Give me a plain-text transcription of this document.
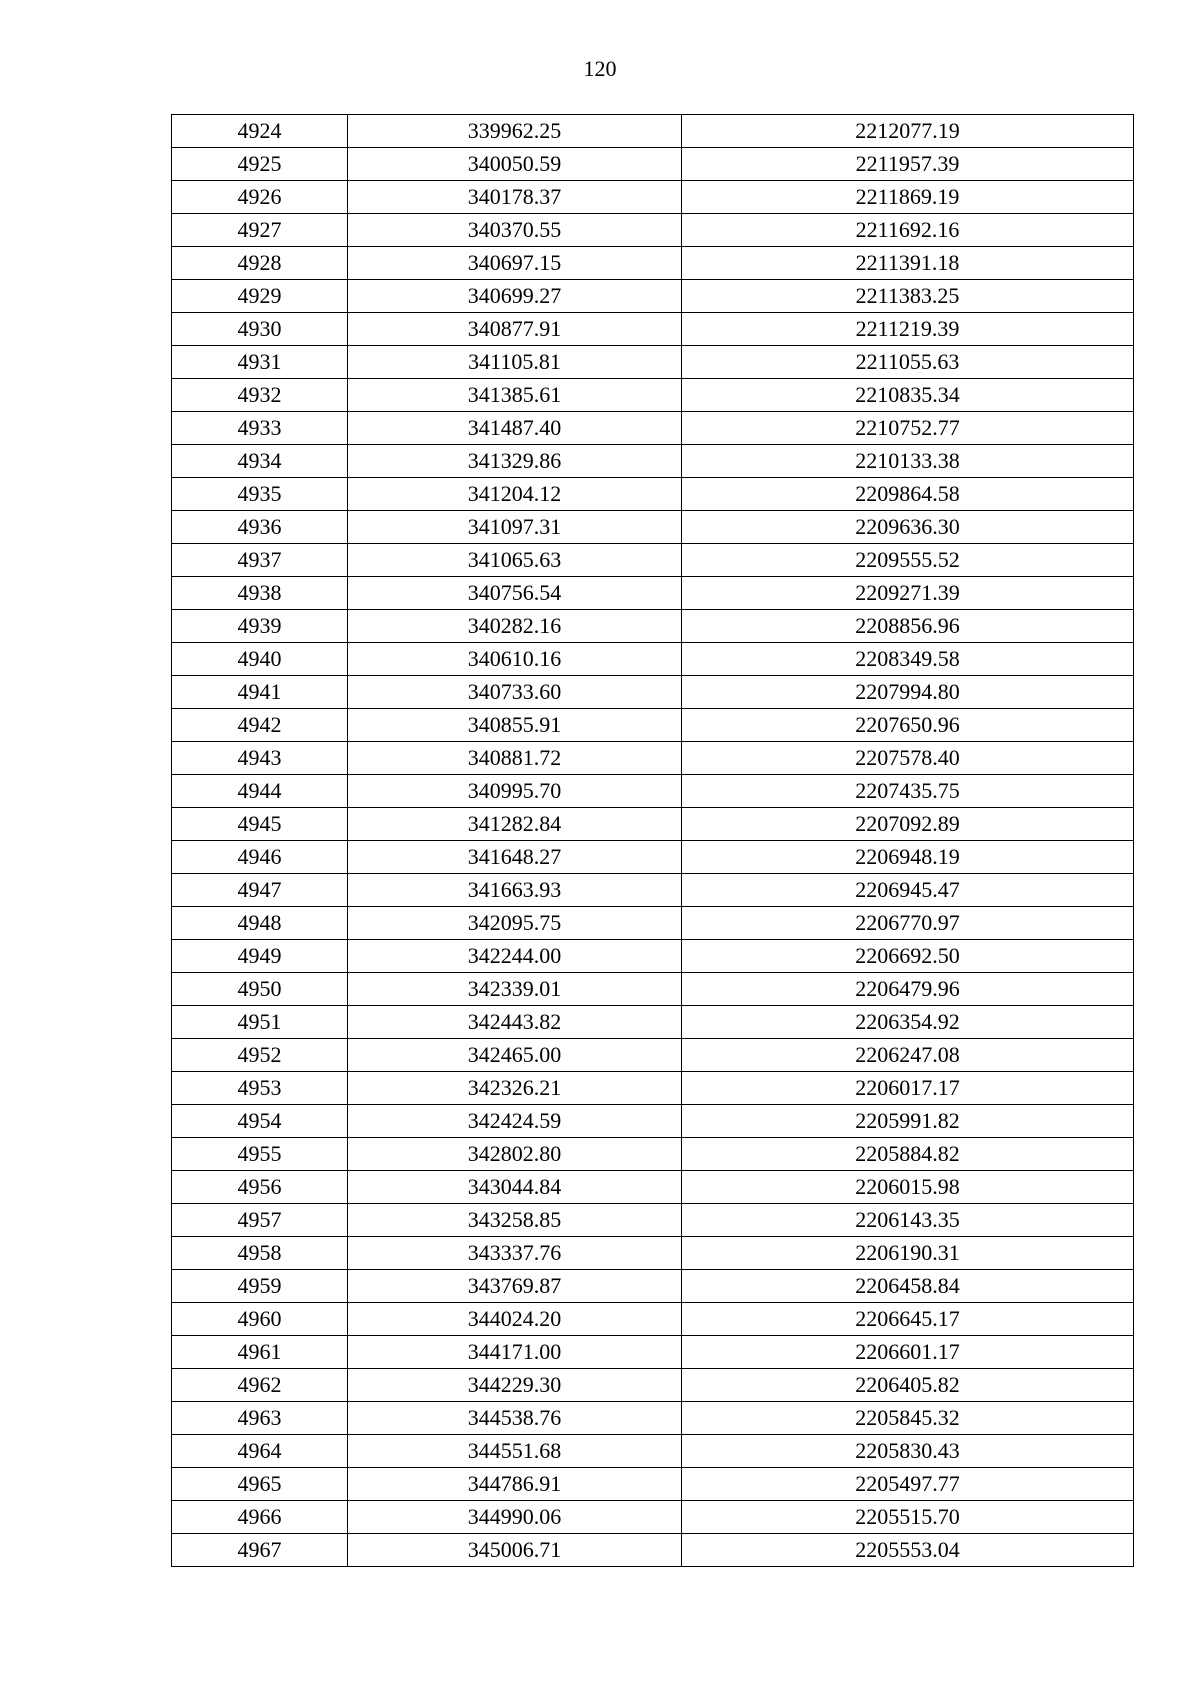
120
4924	339962.25	2212077.19
4925	340050.59	2211957.39
4926	340178.37	2211869.19
4927	340370.55	2211692.16
4928	340697.15	2211391.18
4929	340699.27	2211383.25
4930	340877.91	2211219.39
4931	341105.81	2211055.63
4932	341385.61	2210835.34
4933	341487.40	2210752.77
4934	341329.86	2210133.38
4935	341204.12	2209864.58
4936	341097.31	2209636.30
4937	341065.63	2209555.52
4938	340756.54	2209271.39
4939	340282.16	2208856.96
4940	340610.16	2208349.58
4941	340733.60	2207994.80
4942	340855.91	2207650.96
4943	340881.72	2207578.40
4944	340995.70	2207435.75
4945	341282.84	2207092.89
4946	341648.27	2206948.19
4947	341663.93	2206945.47
4948	342095.75	2206770.97
4949	342244.00	2206692.50
4950	342339.01	2206479.96
4951	342443.82	2206354.92
4952	342465.00	2206247.08
4953	342326.21	2206017.17
4954	342424.59	2205991.82
4955	342802.80	2205884.82
4956	343044.84	2206015.98
4957	343258.85	2206143.35
4958	343337.76	2206190.31
4959	343769.87	2206458.84
4960	344024.20	2206645.17
4961	344171.00	2206601.17
4962	344229.30	2206405.82
4963	344538.76	2205845.32
4964	344551.68	2205830.43
4965	344786.91	2205497.77
4966	344990.06	2205515.70
4967	345006.71	2205553.04
